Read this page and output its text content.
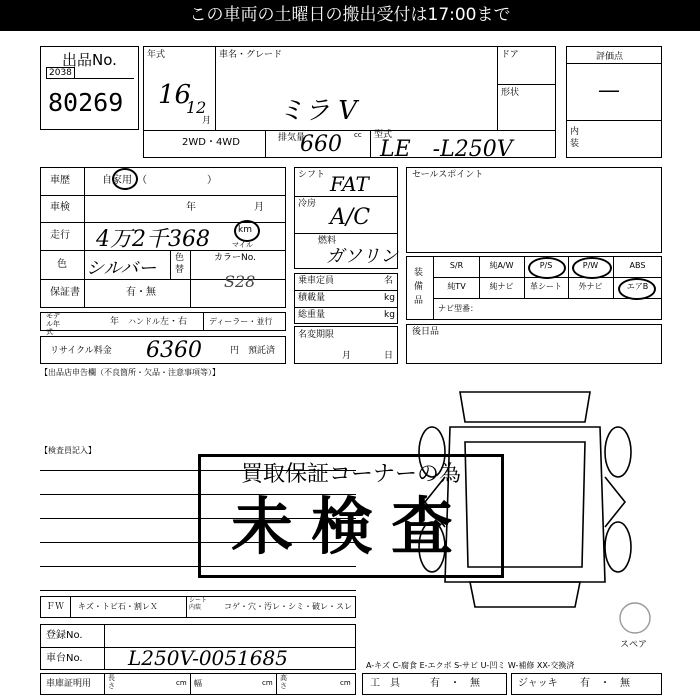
この車両の土曜日の搬出受付は17:00まで
出品No.
2038
80269
年式
16
12
月
車名・グレード
ミラ V
ドア
形状
2WD・4WD	排気量
660 cc 型式
LE　-L250V
評価点
—
内装
車歴	自家用・（　　　　　　）
車検	年	月
走行 4万2千368	km
マイル
色 シルバー 色替
カラーNo.
S28
保証書	有・無
モデル年式
年 ハンドル 左・右	ディーラー・並行
リサイクル料金 6360	円 預託済
シフト FAT
冷房
A/C
燃料
ガソリン
乗車定員	名
積載量	kg
総重量	kg
名変期限
月	日
セールスポイント
装備品
S/R	純A/W	P/S	P/W	ABS
純TV	純ナビ	革シート	外ナビ	エアB
ナビ型番：
後日品
【出品店申告欄（不良箇所・欠品・注意事項等）】
【検査員記入】
スペア
買取保証コーナーの為
未検査
ＦＷ キズ・トビ石・割レＸ
シート内装	コゲ・穴・汚レ・シミ・破レ・スレ
登録No.
車台No. L250V-0051685
車庫証明用
長さ	cm 幅	cm
高さ	cm
A-キズ C-腐食 E-エクボ S-サビ U-凹ミ W-補修 XX-交換済
工　具	有　・　無	ジャッキ 有　・　無
